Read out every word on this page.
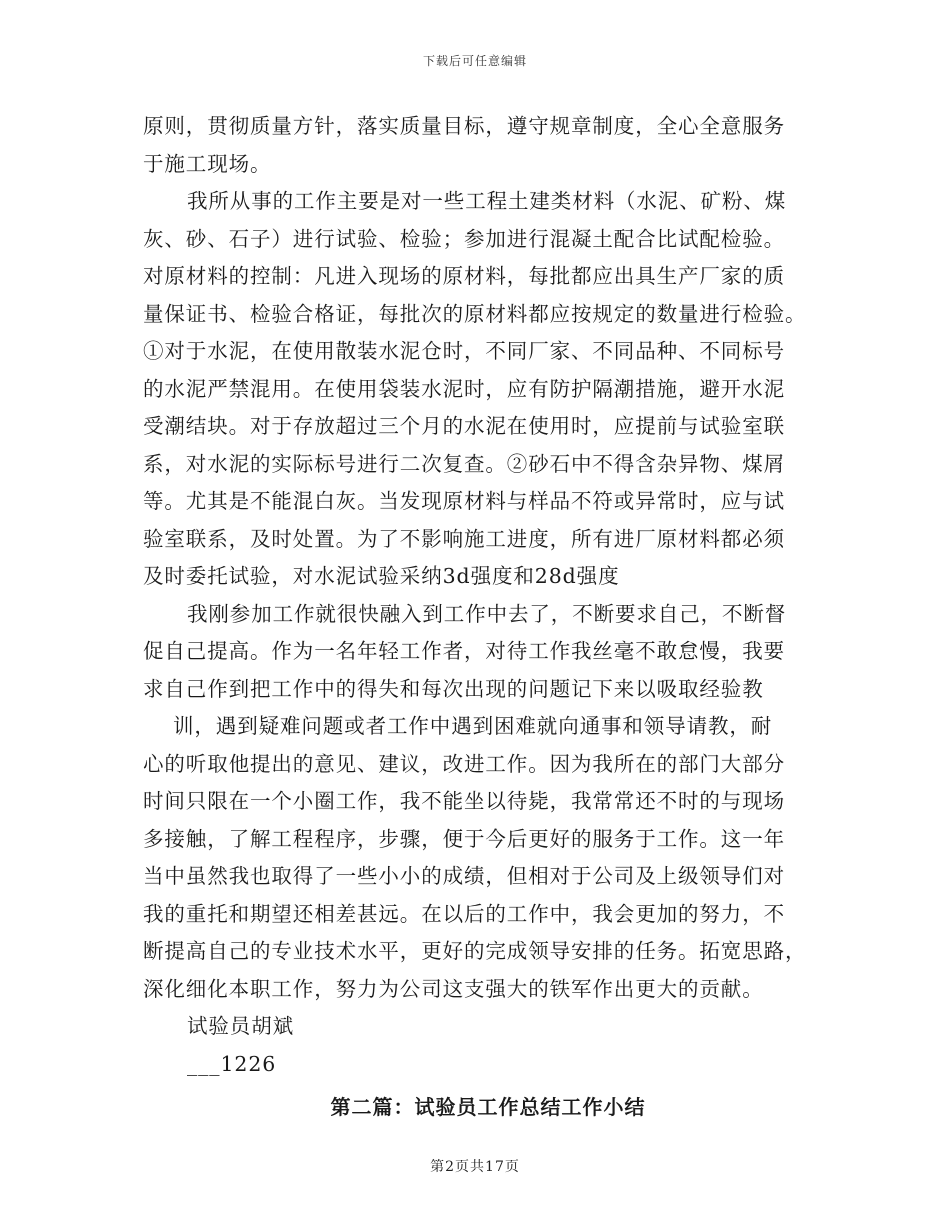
下载后可任意编辑
原则，贯彻质量方针，落实质量目标，遵守规章制度，全心全意服务
于施工现场。
我所从事的工作主要是对一些工程土建类材料（水泥、矿粉、煤
灰、砂、石子）进行试验、检验；参加进行混凝土配合比试配检验。
对原材料的控制：凡进入现场的原材料，每批都应出具生产厂家的质
量保证书、检验合格证，每批次的原材料都应按规定的数量进行检验。
①对于水泥，在使用散装水泥仓时，不同厂家、不同品种、不同标号
的水泥严禁混用。在使用袋装水泥时，应有防护隔潮措施，避开水泥
受潮结块。对于存放超过三个月的水泥在使用时，应提前与试验室联
系，对水泥的实际标号进行二次复查。②砂石中不得含杂异物、煤屑
等。尤其是不能混白灰。当发现原材料与样品不符或异常时，应与试
验室联系，及时处置。为了不影响施工进度，所有进厂原材料都必须
及时委托试验，对水泥试验采纳3d强度和28d强度
我刚参加工作就很快融入到工作中去了，不断要求自己，不断督
促自己提高。作为一名年轻工作者，对待工作我丝毫不敢怠慢，我要
求自己作到把工作中的得失和每次出现的问题记下来以吸取经验教
训，遇到疑难问题或者工作中遇到困难就向通事和领导请教，耐
心的听取他提出的意见、建议，改进工作。因为我所在的部门大部分
时间只限在一个小圈工作，我不能坐以待毙，我常常还不时的与现场
多接触，了解工程程序，步骤，便于今后更好的服务于工作。这一年
当中虽然我也取得了一些小小的成绩，但相对于公司及上级领导们对
我的重托和期望还相差甚远。在以后的工作中，我会更加的努力，不
断提高自己的专业技术水平，更好的完成领导安排的任务。拓宽思路，
深化细化本职工作，努力为公司这支强大的铁军作出更大的贡献。
试验员胡斌
___1226
第二篇：试验员工作总结工作小结
第2页共17页
